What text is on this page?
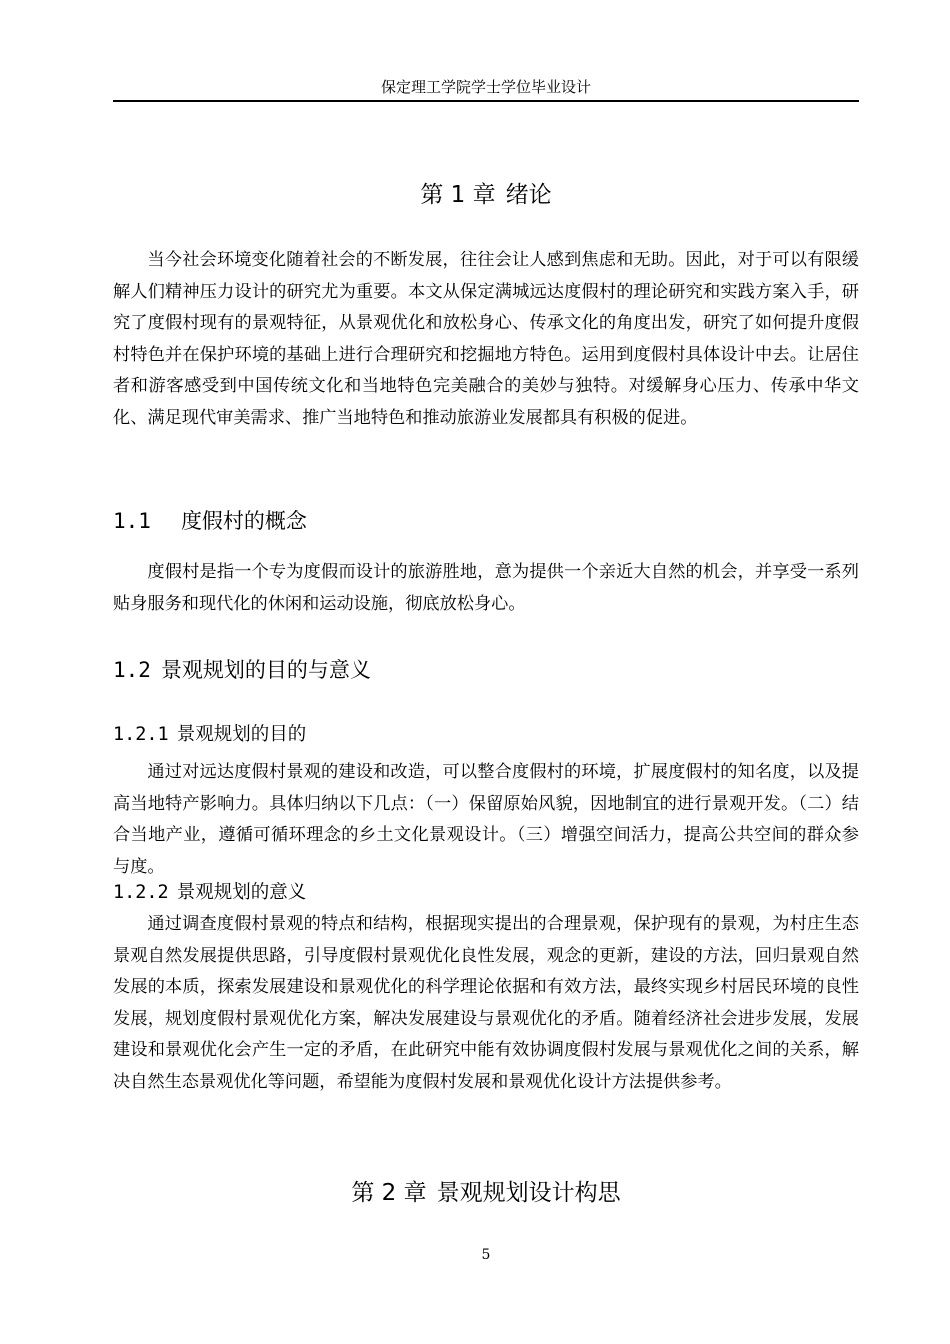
保定理工学院学士学位毕业设计
第 1 章 绪论

当今社会环境变化随着社会的不断发展，往往会让人感到焦虑和无助。因此，对于可以有限缓解人们精神压力设计的研究尤为重要。本文从保定满城远达度假村的理论研究和实践方案入手，研究了度假村现有的景观特征，从景观优化和放松身心、传承文化的角度出发，研究了如何提升度假村特色并在保护环境的基础上进行合理研究和挖掘地方特色。运用到度假村具体设计中去。让居住者和游客感受到中国传统文化和当地特色完美融合的美妙与独特。对缓解身心压力、传承中华文化、满足现代审美需求、推广当地特色和推动旅游业发展都具有积极的促进。

1.1 度假村的概念

度假村是指一个专为度假而设计的旅游胜地，意为提供一个亲近大自然的机会，并享受一系列贴身服务和现代化的休闲和运动设施，彻底放松身心。

1.2 景观规划的目的与意义
1.2.1 景观规划的目的

通过对远达度假村景观的建设和改造，可以整合度假村的环境，扩展度假村的知名度，以及提高当地特产影响力。具体归纳以下几点：（一）保留原始风貌，因地制宜的进行景观开发。（二）结合当地产业，遵循可循环理念的乡土文化景观设计。（三）增强空间活力，提高公共空间的群众参与度。

1.2.2 景观规划的意义

通过调查度假村景观的特点和结构，根据现实提出的合理景观，保护现有的景观，为村庄生态景观自然发展提供思路，引导度假村景观优化良性发展，观念的更新，建设的方法，回归景观自然发展的本质，探索发展建设和景观优化的科学理论依据和有效方法，最终实现乡村居民环境的良性发展，规划度假村景观优化方案，解决发展建设与景观优化的矛盾。随着经济社会进步发展，发展建设和景观优化会产生一定的矛盾，在此研究中能有效协调度假村发展与景观优化之间的关系，解决自然生态景观优化等问题，希望能为度假村发展和景观优化设计方法提供参考。

第 2 章 景观规划设计构思
5
